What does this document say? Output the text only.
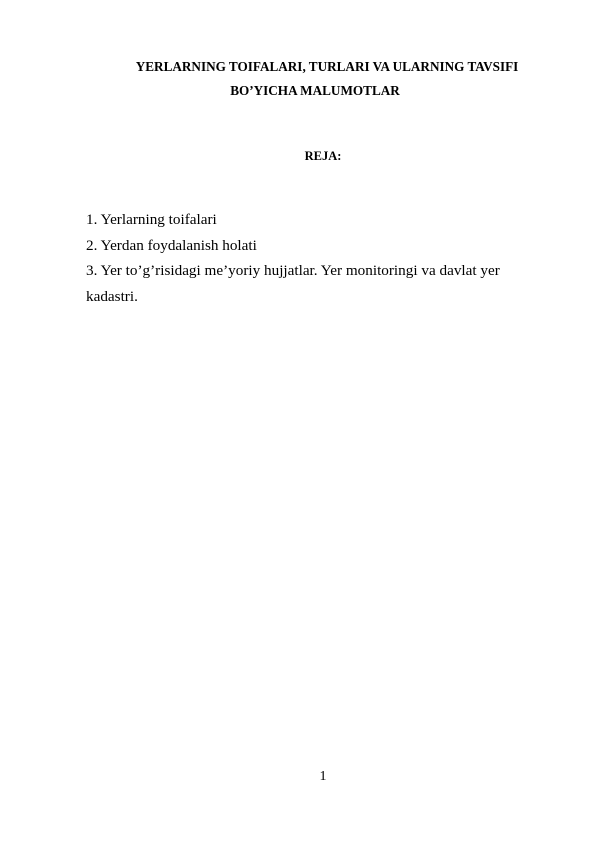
YERLARNING TOIFALARI, TURLARI VA ULARNING TAVSIFI
BO’YICHA MALUMOTLAR
REJA:
1. Yerlarning toifalari
2. Yerdan foydalanish holati
3. Yer to’g’risidagi me’yoriy hujjatlar. Yer monitoringi va davlat yer kadastri.
1
